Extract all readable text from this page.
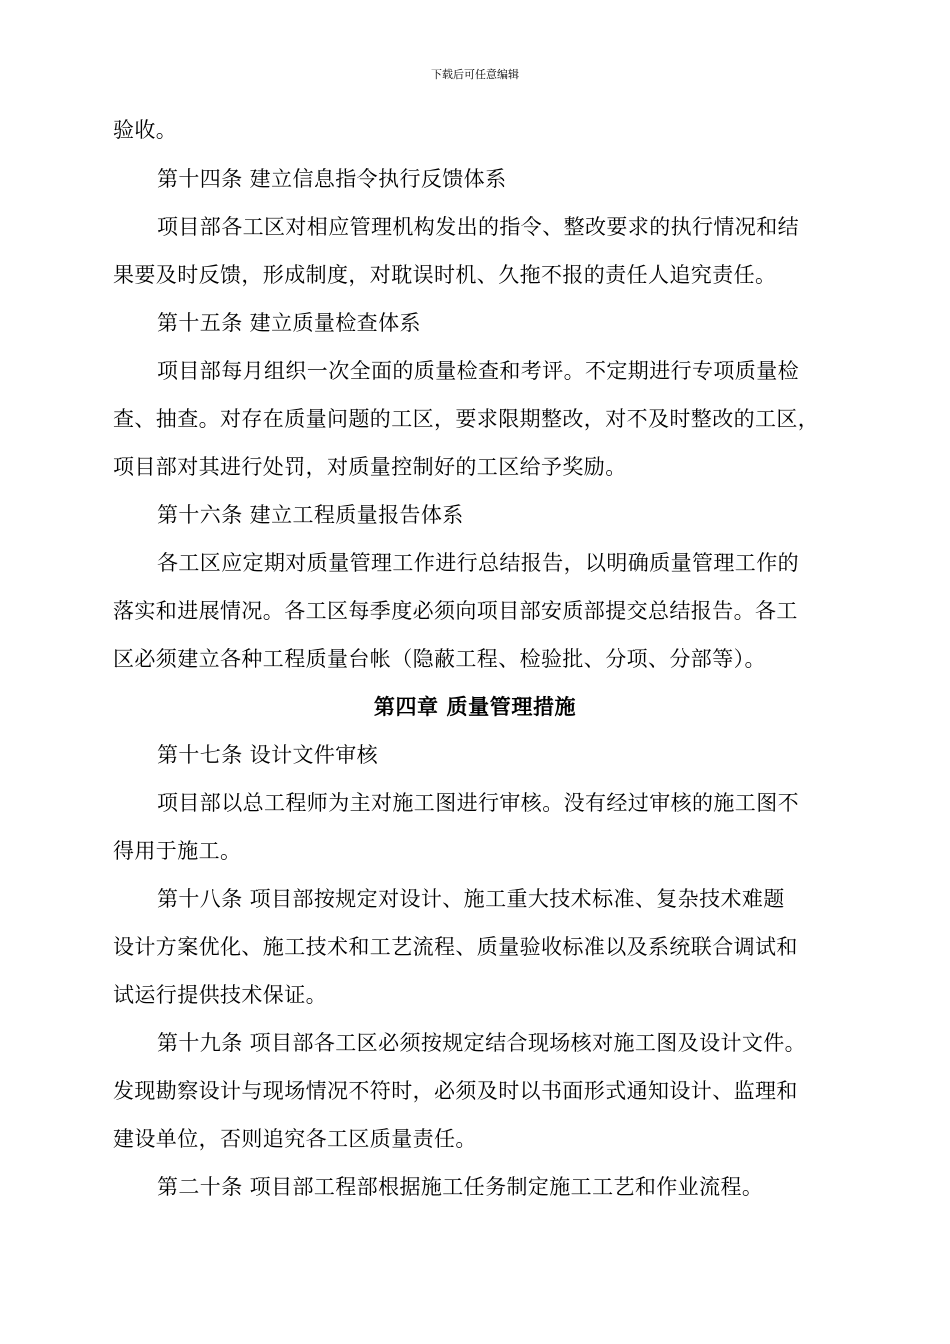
下载后可任意编辑
验收。
第十四条 建立信息指令执行反馈体系
项目部各工区对相应管理机构发出的指令、整改要求的执行情况和结
果要及时反馈，形成制度，对耽误时机、久拖不报的责任人追究责任。
第十五条 建立质量检查体系
项目部每月组织一次全面的质量检查和考评。不定期进行专项质量检
查、抽查。对存在质量问题的工区，要求限期整改，对不及时整改的工区，
项目部对其进行处罚，对质量控制好的工区给予奖励。
第十六条 建立工程质量报告体系
各工区应定期对质量管理工作进行总结报告，以明确质量管理工作的
落实和进展情况。各工区每季度必须向项目部安质部提交总结报告。各工
区必须建立各种工程质量台帐（隐蔽工程、检验批、分项、分部等）。
第四章 质量管理措施
第十七条 设计文件审核
项目部以总工程师为主对施工图进行审核。没有经过审核的施工图不
得用于施工。
第十八条 项目部按规定对设计、施工重大技术标准、复杂技术难题
设计方案优化、施工技术和工艺流程、质量验收标准以及系统联合调试和
试运行提供技术保证。
第十九条 项目部各工区必须按规定结合现场核对施工图及设计文件。
发现勘察设计与现场情况不符时，必须及时以书面形式通知设计、监理和
建设单位，否则追究各工区质量责任。
第二十条 项目部工程部根据施工任务制定施工工艺和作业流程。
